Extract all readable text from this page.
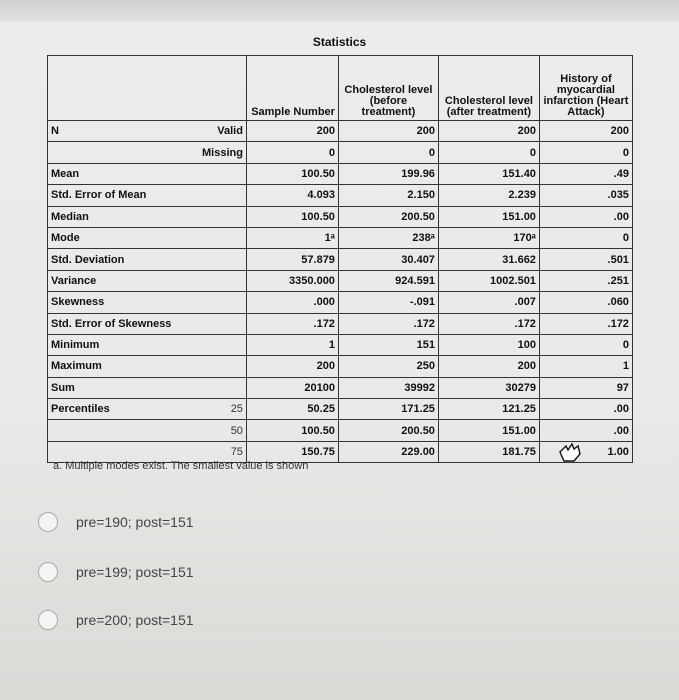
Statistics
		Sample Number	Cholesterol level (before treatment)	Cholesterol level (after treatment)	History of myocardial infarction (Heart Attack)
N	Valid	200	200	200	200
	Missing	0	0	0	0
Mean		100.50	199.96	151.40	.49
Std. Error of Mean		4.093	2.150	2.239	.035
Median		100.50	200.50	151.00	.00
Mode		1ᵃ	238ᵃ	170ᵃ	0
Std. Deviation		57.879	30.407	31.662	.501
Variance		3350.000	924.591	1002.501	.251
Skewness		.000	-.091	.007	.060
Std. Error of Skewness		.172	.172	.172	.172
Minimum		1	151	100	0
Maximum		200	250	200	1
Sum		20100	39992	30279	97
Percentiles	25	50.25	171.25	121.25	.00
	50	100.50	200.50	151.00	.00
	75	150.75	229.00	181.75	1.00
a. Multiple modes exist. The smallest value is shown
pre=190; post=151
pre=199; post=151
pre=200; post=151
